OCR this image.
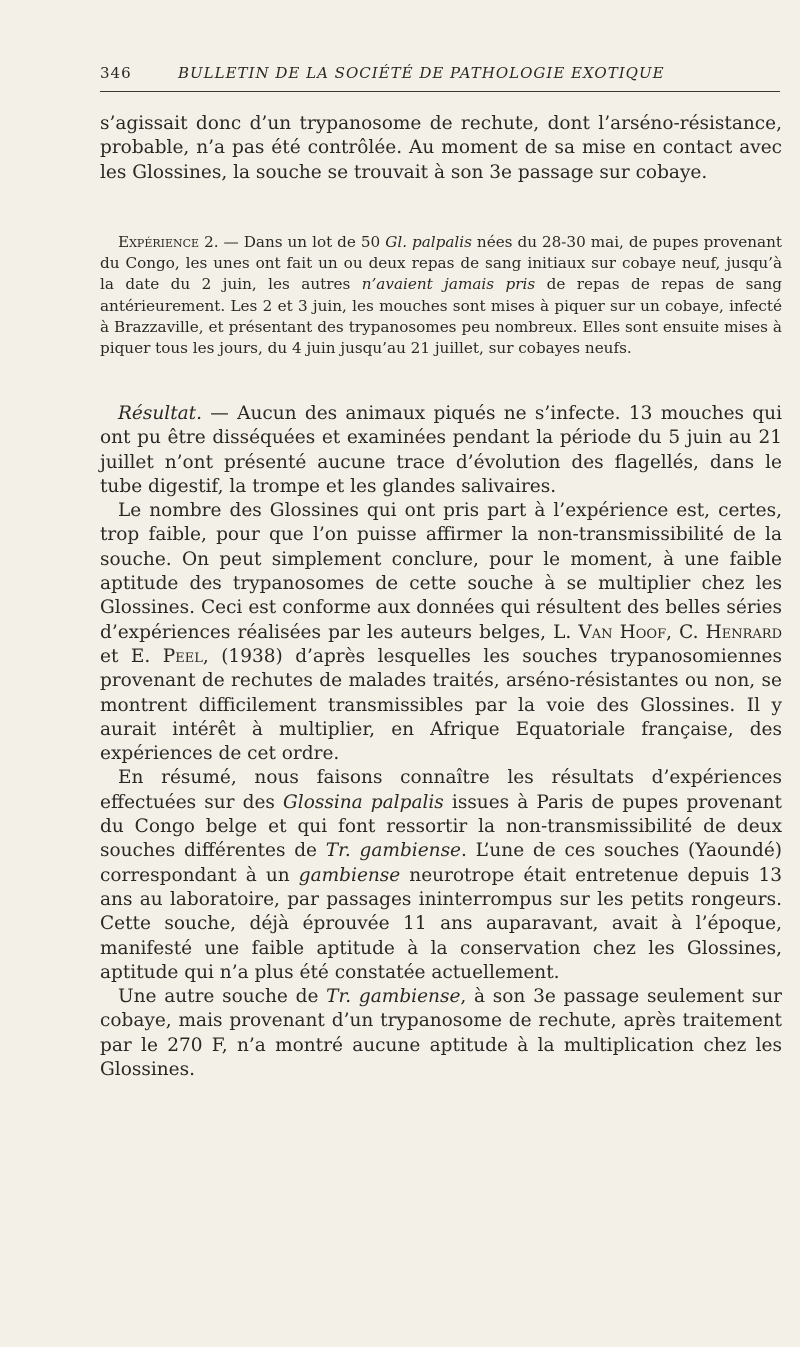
346	BULLETIN DE LA SOCIÉTÉ DE PATHOLOGIE EXOTIQUE
s’agissait donc d’un trypanosome de rechute, dont l’arséno-résistance, probable, n’a pas été contrôlée. Au moment de sa mise en contact avec les Glossines, la souche se trouvait à son 3e passage sur cobaye.
Expérience 2. — Dans un lot de 50 Gl. palpalis nées du 28-30 mai, de pupes provenant du Congo, les unes ont fait un ou deux repas de sang initiaux sur cobaye neuf, jusqu’à la date du 2 juin, les autres n’avaient jamais pris de repas de repas de sang antérieurement. Les 2 et 3 juin, les mouches sont mises à piquer sur un cobaye, infecté à Brazzaville, et présentant des trypanosomes peu nombreux. Elles sont ensuite mises à piquer tous les jours, du 4 juin jusqu’au 21 juillet, sur cobayes neufs.

Résultat. — Aucun des animaux piqués ne s’infecte. 13 mouches qui ont pu être disséquées et examinées pendant la période du 5 juin au 21 juillet n’ont présenté aucune trace d’évolution des flagellés, dans le tube digestif, la trompe et les glandes salivaires.

Le nombre des Glossines qui ont pris part à l’expérience est, certes, trop faible, pour que l’on puisse affirmer la non-transmissibilité de la souche. On peut simplement conclure, pour le moment, à une faible aptitude des trypanosomes de cette souche à se multiplier chez les Glossines. Ceci est conforme aux données qui résultent des belles séries d’expériences réalisées par les auteurs belges, L. Van Hoof, C. Henrard et E. Peel, (1938) d’après lesquelles les souches trypanosomiennes provenant de rechutes de malades traités, arséno-résistantes ou non, se montrent difficilement transmissibles par la voie des Glossines. Il y aurait intérêt à multiplier, en Afrique Equatoriale française, des expériences de cet ordre.

En résumé, nous faisons connaître les résultats d’expériences effectuées sur des Glossina palpalis issues à Paris de pupes provenant du Congo belge et qui font ressortir la non-transmissibilité de deux souches différentes de Tr. gambiense. L’une de ces souches (Yaoundé) correspondant à un gambiense neurotrope était entretenue depuis 13 ans au laboratoire, par passages ininterrompus sur les petits rongeurs. Cette souche, déjà éprouvée 11 ans auparavant, avait à l’époque, manifesté une faible aptitude à la conservation chez les Glossines, aptitude qui n’a plus été constatée actuellement.

Une autre souche de Tr. gambiense, à son 3e passage seulement sur cobaye, mais provenant d’un trypanosome de rechute, après traitement par le 270 F, n’a montré aucune aptitude à la multiplication chez les Glossines.
